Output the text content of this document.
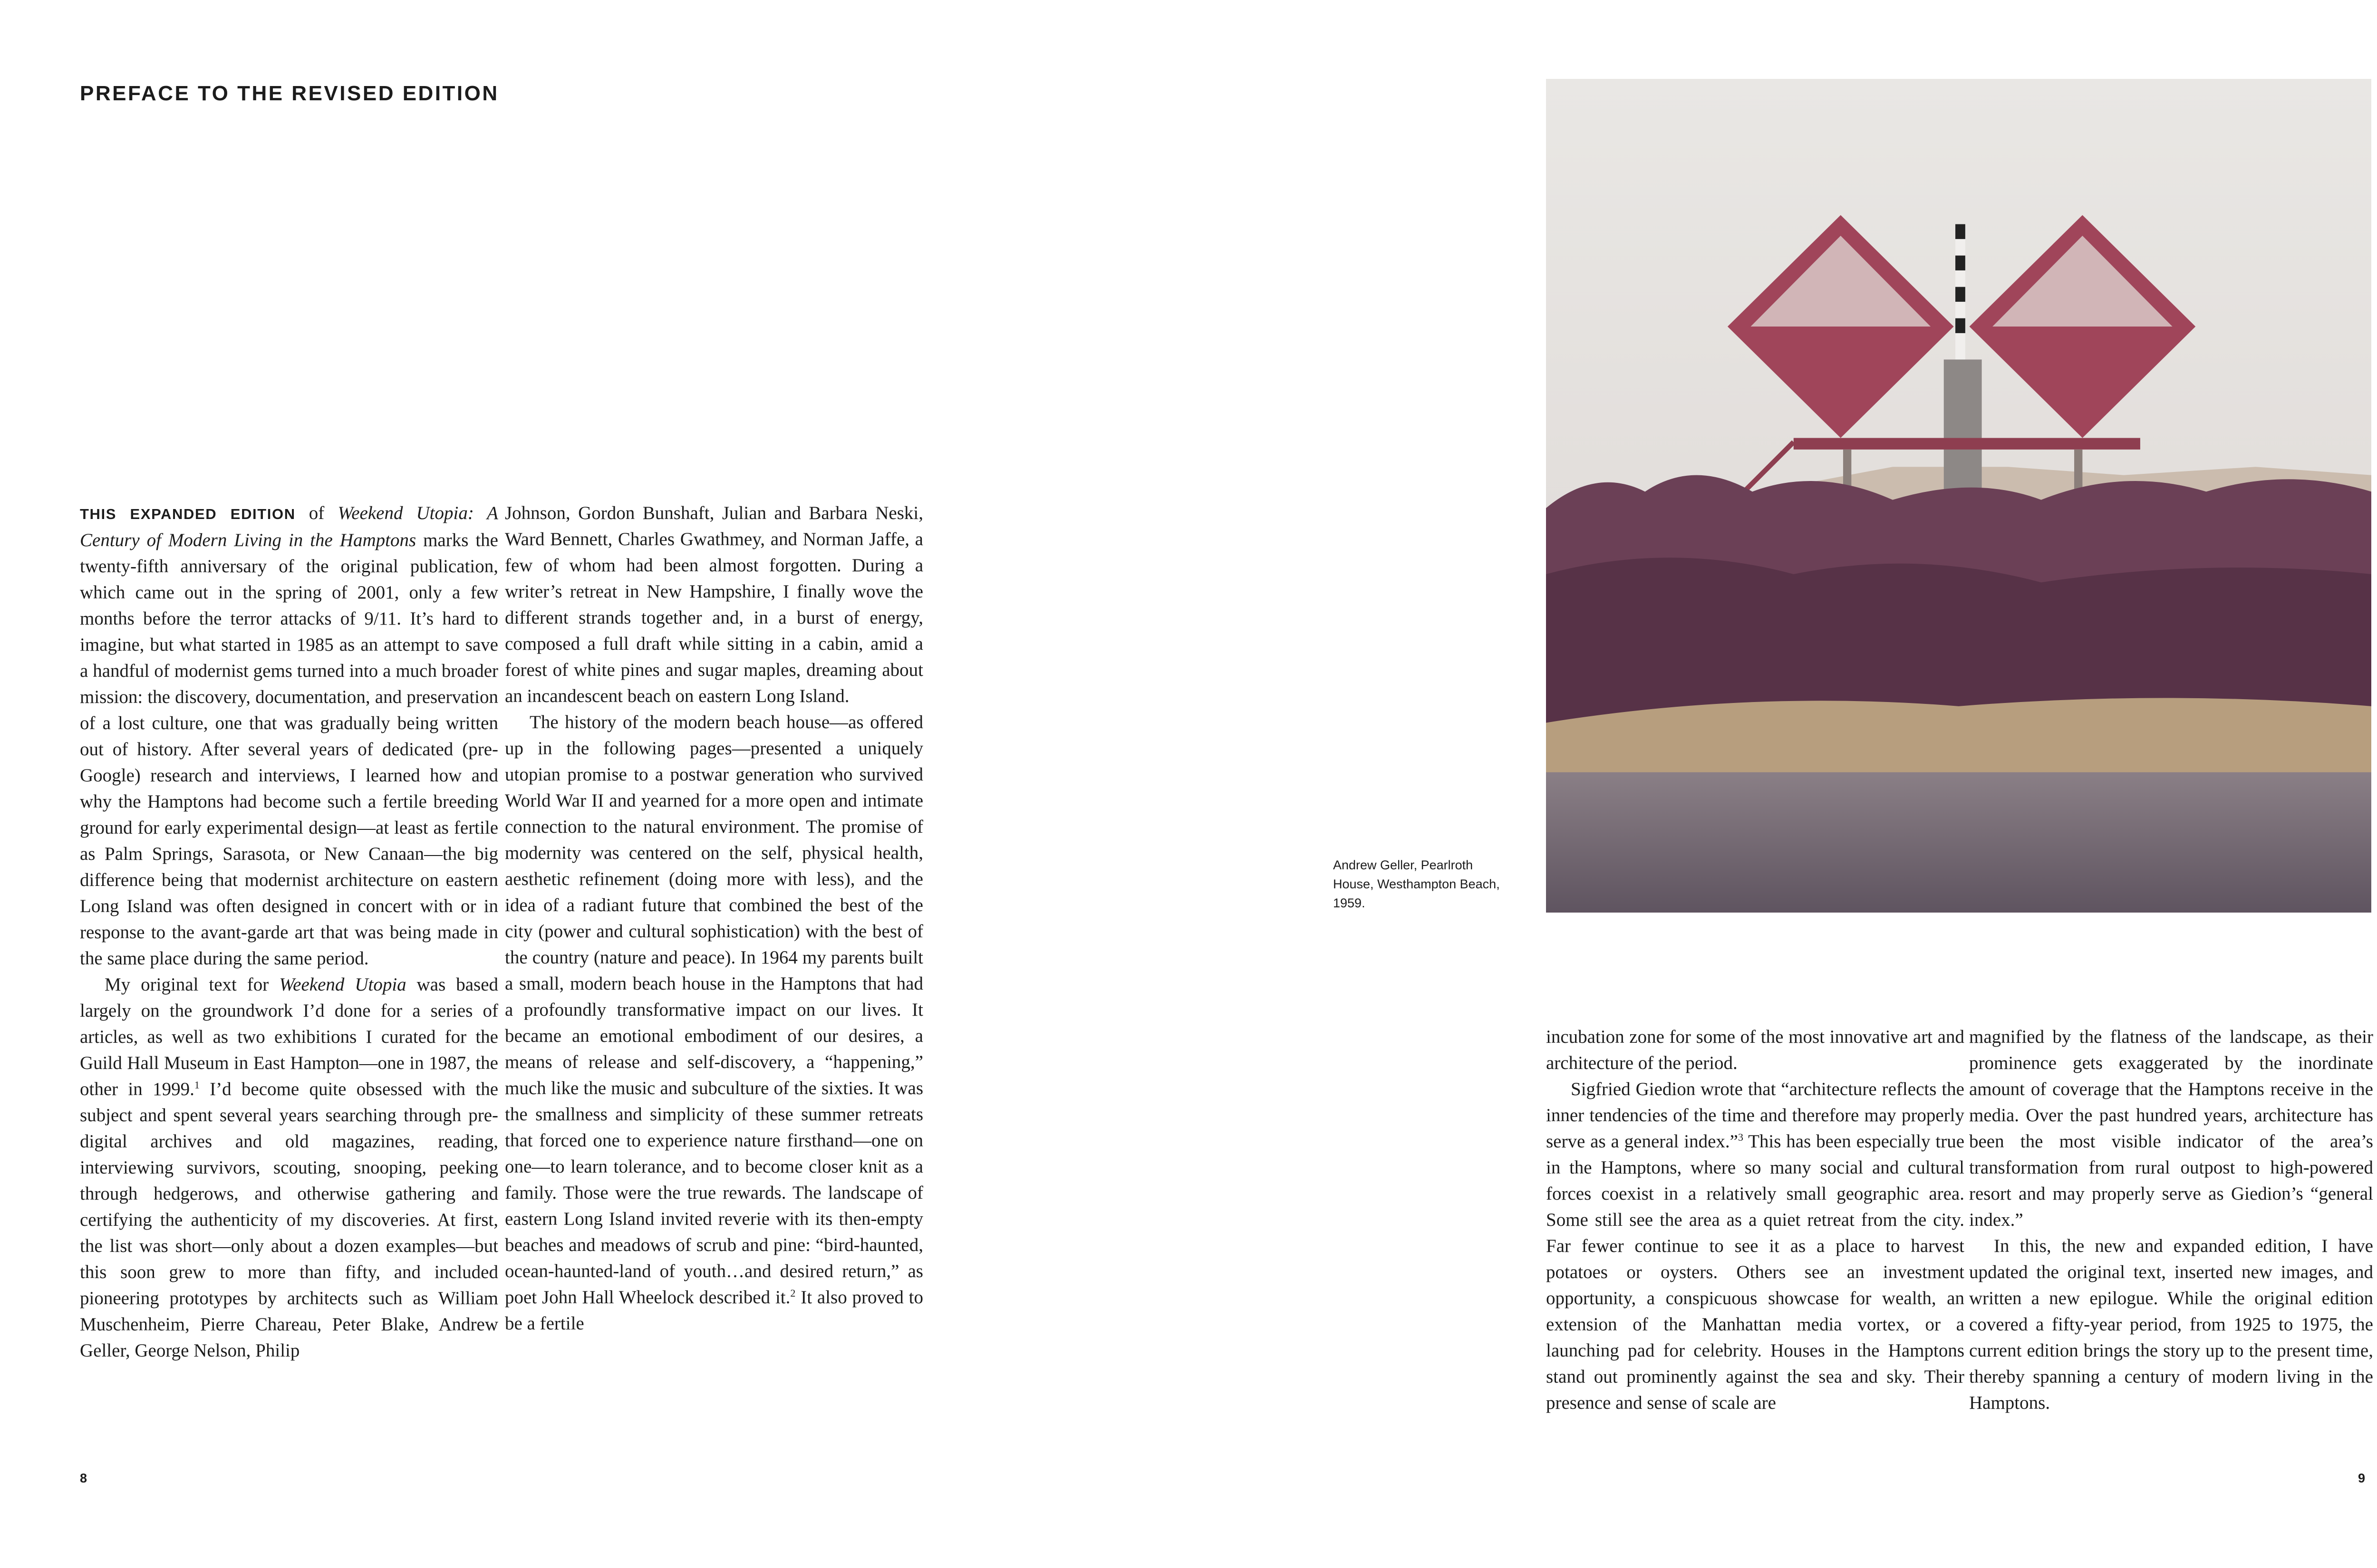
PREFACE TO THE REVISED EDITION

THIS EXPANDED EDITION of Weekend Utopia: A Century of Modern Living in the Hamptons marks the twenty-fifth anniversary of the original publication, which came out in the spring of 2001, only a few months before the terror attacks of 9/11. It’s hard to imagine, but what started in 1985 as an attempt to save a handful of modernist gems turned into a much broader mission: the discovery, documentation, and preservation of a lost culture, one that was gradually being written out of history. After several years of dedicated (pre-Google) research and interviews, I learned how and why the Hamptons had become such a fertile breeding ground for early experimental design—at least as fertile as Palm Springs, Sarasota, or New Canaan—the big difference being that modernist architecture on eastern Long Island was often designed in concert with or in response to the avant-garde art that was being made in the same place during the same period.

My original text for Weekend Utopia was based largely on the groundwork I’d done for a series of articles, as well as two exhibitions I curated for the Guild Hall Museum in East Hampton—one in 1987, the other in 1999.$^1$ I’d become quite obsessed with the subject and spent several years searching through pre-digital archives and old magazines, reading, interviewing survivors, scouting, snooping, peeking through hedgerows, and otherwise gathering and certifying the authenticity of my discoveries. At first, the list was short—only about a dozen examples—but this soon grew to more than fifty, and included pioneering prototypes by architects such as William Muschenheim, Pierre Chareau, Peter Blake, Andrew Geller, George Nelson, Philip

Johnson, Gordon Bunshaft, Julian and Barbara Neski, Ward Bennett, Charles Gwathmey, and Norman Jaffe, a few of whom had been almost forgotten. During a writer’s retreat in New Hampshire, I finally wove the different strands together and, in a burst of energy, composed a full draft while sitting in a cabin, amid a forest of white pines and sugar maples, dreaming about an incandescent beach on eastern Long Island.

The history of the modern beach house—as offered up in the following pages—presented a uniquely utopian promise to a postwar generation who survived World War II and yearned for a more open and intimate connection to the natural environment. The promise of modernity was centered on the self, physical health, aesthetic refinement (doing more with less), and the idea of a radiant future that combined the best of the city (power and cultural sophistication) with the best of the country (nature and peace). In 1964 my parents built a small, modern beach house in the Hamptons that had a profoundly transformative impact on our lives. It became an emotional embodiment of our desires, a means of release and self-discovery, a “happening,” much like the music and subculture of the sixties. It was the smallness and simplicity of these summer retreats that forced one to experience nature firsthand—one on one—to learn tolerance, and to become closer knit as a family. Those were the true rewards. The landscape of eastern Long Island invited reverie with its then-empty beaches and meadows of scrub and pine: “bird-haunted, ocean-haunted-land of youth…and desired return,” as poet John Hall Wheelock described it.$^2$ It also proved to be a fertile

8
Andrew Geller, Pearlroth House, Westhampton Beach, 1959.

incubation zone for some of the most innovative art and architecture of the period.

Sigfried Giedion wrote that “architecture reflects the inner tendencies of the time and therefore may properly serve as a general index.”$^3$ This has been especially true in the Hamptons, where so many social and cultural forces coexist in a relatively small geographic area. Some still see the area as a quiet retreat from the city. Far fewer continue to see it as a place to harvest potatoes or oysters. Others see an investment opportunity, a conspicuous showcase for wealth, an extension of the Manhattan media vortex, or a launching pad for celebrity. Houses in the Hamptons stand out prominently against the sea and sky. Their presence and sense of scale are

magnified by the flatness of the landscape, as their prominence gets exaggerated by the inordinate amount of coverage that the Hamptons receive in the media. Over the past hundred years, architecture has been the most visible indicator of the area’s transformation from rural outpost to high-powered resort and may properly serve as Giedion’s “general index.”

In this, the new and expanded edition, I have updated the original text, inserted new images, and written a new epilogue. While the original edition covered a fifty-year period, from 1925 to 1975, the current edition brings the story up to the present time, thereby spanning a century of modern living in the Hamptons.

9
